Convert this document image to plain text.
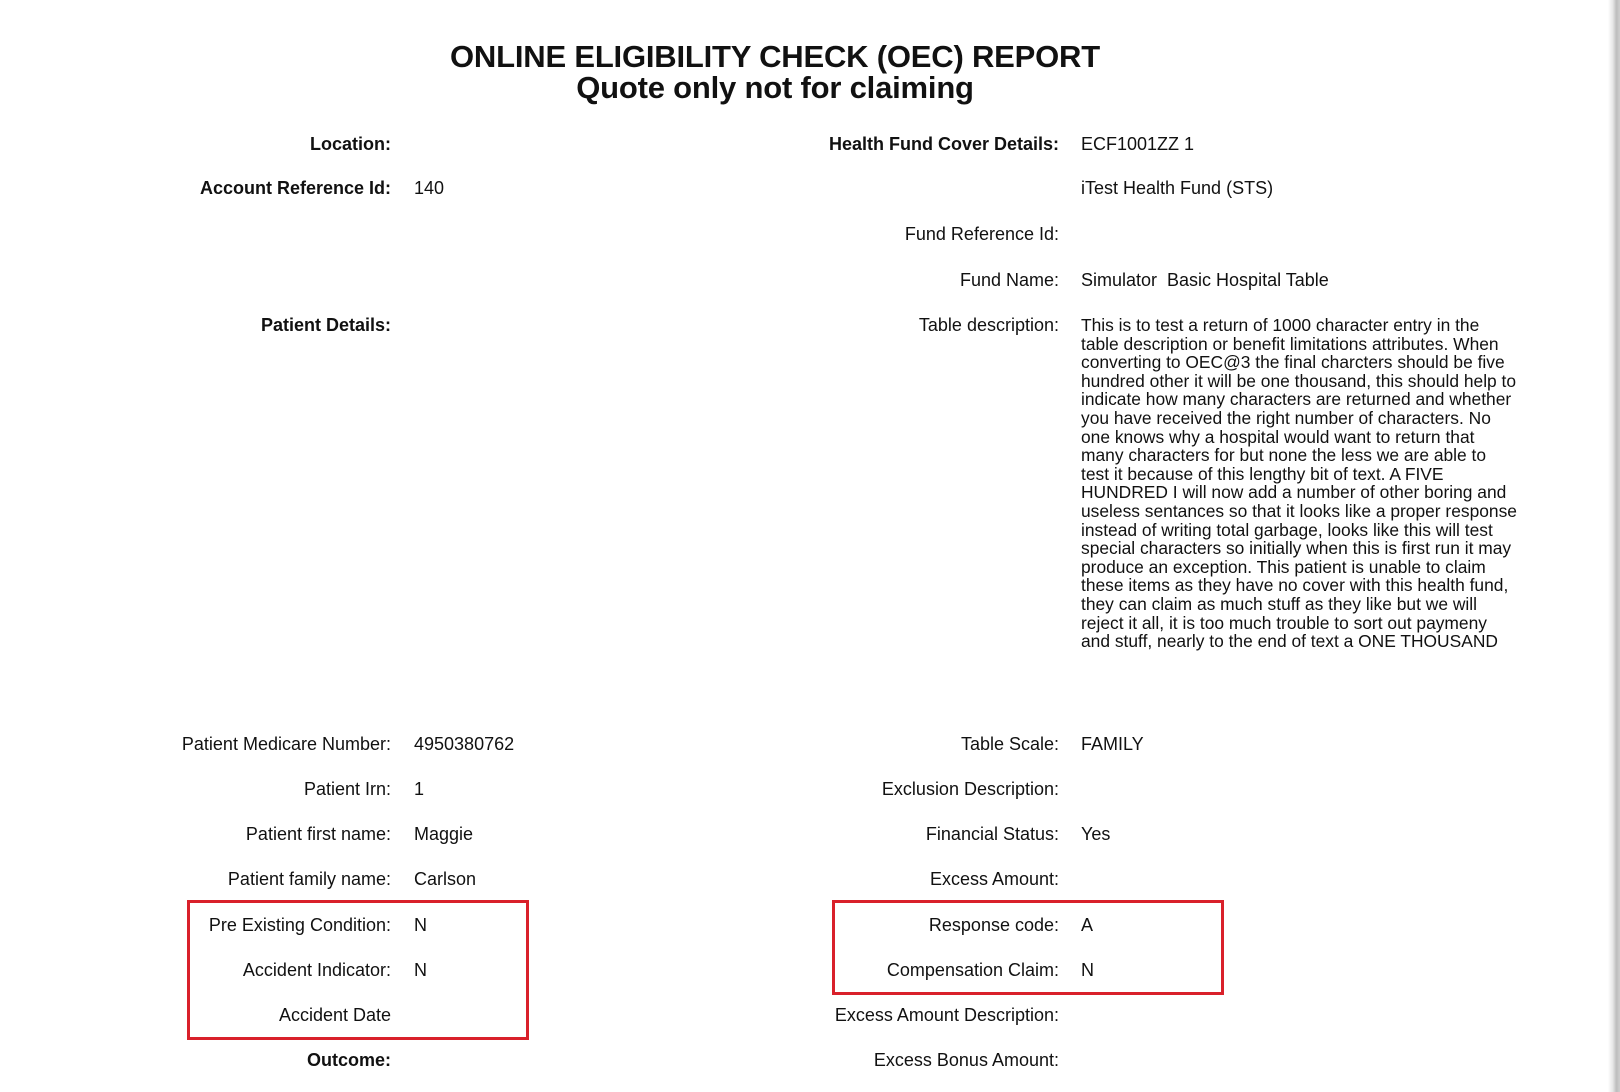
ONLINE ELIGIBILITY CHECK (OEC) REPORT
Quote only not for claiming
Location:
Account Reference Id: 140
Patient Details:
Patient Medicare Number: 4950380762
Patient Irn: 1
Patient first name: Maggie
Patient family name: Carlson
Pre Existing Condition: N
Accident Indicator: N
Accident Date
Outcome:
Health Fund Cover Details: ECF1001ZZ 1
iTest Health Fund (STS)
Fund Reference Id:
Fund Name: Simulator  Basic Hospital Table
Table description: This is to test a return of 1000 character entry in the table description or benefit limitations attributes. When converting to OEC@3 the final charcters should be five hundred other it will be one thousand, this should help to indicate how many characters are returned and whether you have received the right number of characters. No one knows why a hospital would want to return that many characters for but none the less we are able to test it because of this lengthy bit of text. A FIVE HUNDRED I will now add a number of other boring and useless sentances so that it looks like a proper response instead of writing total garbage, looks like this will test special characters so initially when this is first run it may produce an exception. This patient is unable to claim these items as they have no cover with this health fund, they can claim as much stuff as they like but we will reject it all, it is too much trouble to sort out paymeny and stuff, nearly to the end of text a ONE THOUSAND
Table Scale: FAMILY
Exclusion Description:
Financial Status: Yes
Excess Amount:
Response code: A
Compensation Claim: N
Excess Amount Description:
Excess Bonus Amount:
